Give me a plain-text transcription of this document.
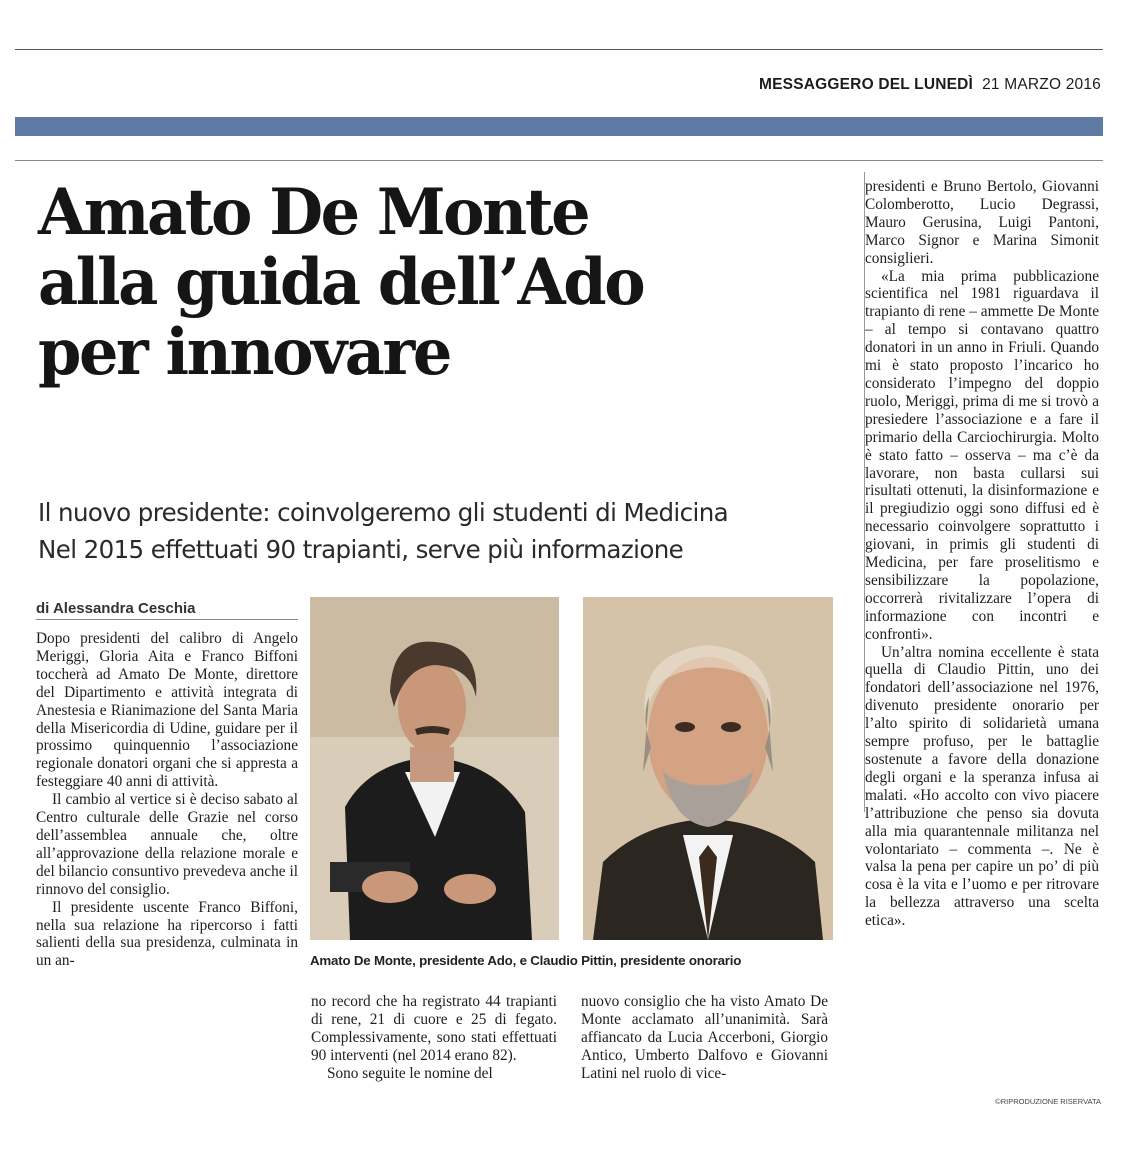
MESSAGGERO DEL LUNEDÌ 21 MARZO 2016
Amato De Monte
alla guida dell’Ado
per innovare
Il nuovo presidente: coinvolgeremo gli studenti di Medicina
Nel 2015 effettuati 90 trapianti, serve più informazione
di Alessandra Ceschia

Dopo presidenti del calibro di Angelo Meriggi, Gloria Aita e Franco Biffoni toccherà ad Amato De Monte, direttore del Dipartimento e attività integrata di Anestesia e Rianimazione del Santa Maria della Misericordia di Udine, guidare per il prossimo quinquennio l’associazione regionale donatori organi che si appresta a festeggiare 40 anni di attività.

Il cambio al vertice si è deciso sabato al Centro culturale delle Grazie nel corso dell’assemblea annuale che, oltre all’approvazione della relazione morale e del bilancio consuntivo prevedeva anche il rinnovo del consiglio.

Il presidente uscente Franco Biffoni, nella sua relazione ha ripercorso i fatti salienti della sua presidenza, culminata in un an-	Amato De Monte, presidente Ado, e Claudio Pittin, presidente onorario

no record che ha registrato 44 trapianti di rene, 21 di cuore e 25 di fegato. Complessivamente, sono stati effettuati 90 interventi (nel 2014 erano 82).

Sono seguite le nomine del

nuovo consiglio che ha visto Amato De Monte acclamato all’unanimità. Sarà affiancato da Lucia Accerboni, Giorgio Antico, Umberto Dalfovo e Giovanni Latini nel ruolo di vice-

presidenti e Bruno Bertolo, Giovanni Colomberotto, Lucio Degrassi, Mauro Gerusina, Luigi Pantoni, Marco Signor e Marina Simonit consiglieri.

«La mia prima pubblicazione scientifica nel 1981 riguardava il trapianto di rene – ammette De Monte – al tempo si contavano quattro donatori in un anno in Friuli. Quando mi è stato proposto l’incarico ho considerato l’impegno del doppio ruolo, Meriggi, prima di me si trovò a presiedere l’associazione e a fare il primario della Carciochirurgia. Molto è stato fatto – osserva – ma c’è da lavorare, non basta cullarsi sui risultati ottenuti, la disinformazione e il pregiudizio oggi sono diffusi ed è necessario coinvolgere soprattutto i giovani, in primis gli studenti di Medicina, per fare proselitismo e sensibilizzare la popolazione, occorrerà rivitalizzare l’opera di informazione con incontri e confronti».

Un’altra nomina eccellente è stata quella di Claudio Pittin, uno dei fondatori dell’associazione nel 1976, divenuto presidente onorario per l’alto spirito di solidarietà umana sempre profuso, per le battaglie sostenute a favore della donazione degli organi e la speranza infusa ai malati. «Ho accolto con vivo piacere l’attribuzione che penso sia dovuta alla mia quarantennale militanza nel volontariato – commenta –. Ne è valsa la pena per capire un po’ di più cosa è la vita e l’uomo e per ritrovare la bellezza attraverso una scelta etica».

©RIPRODUZIONE RISERVATA
